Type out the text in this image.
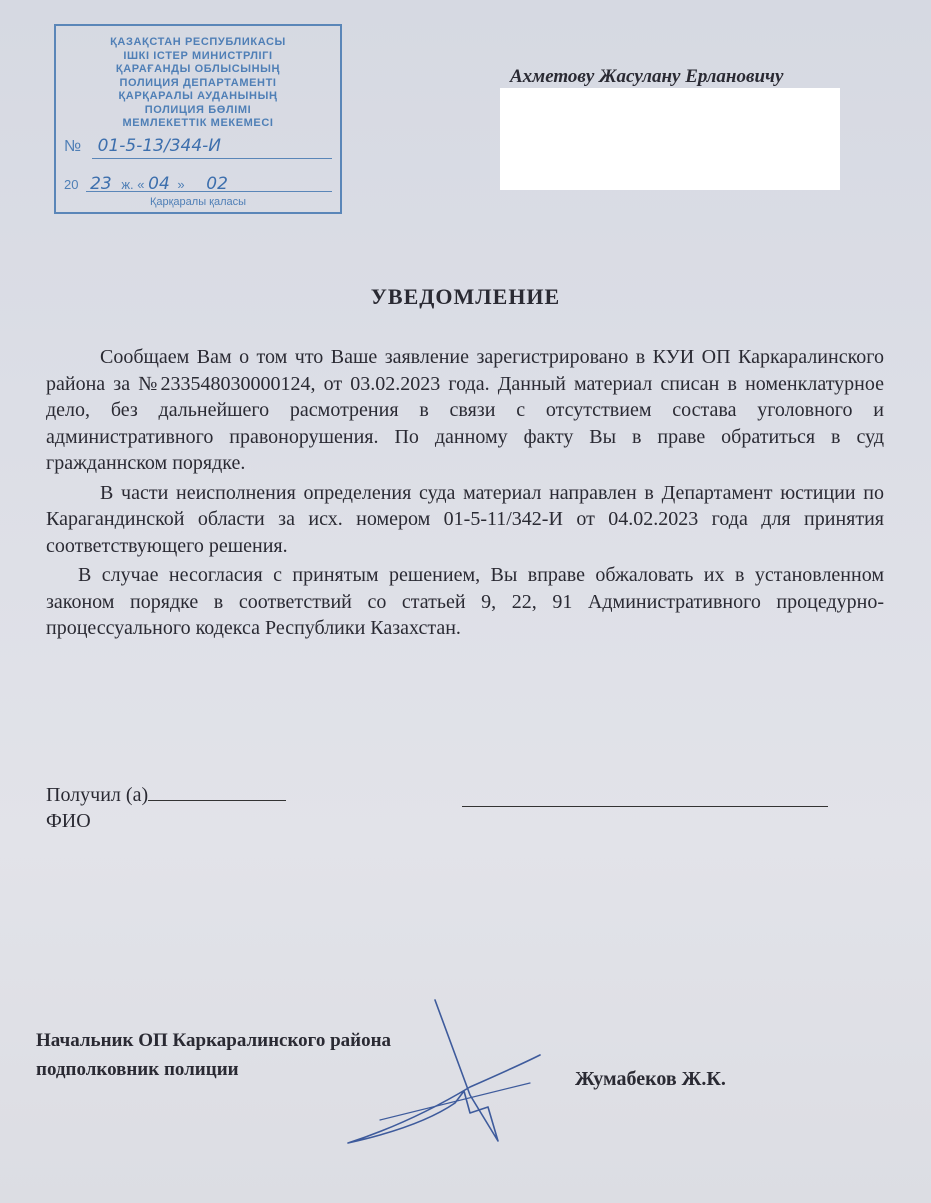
ҚАЗАҚСТАН РЕСПУБЛИКАСЫ
ІШКІ ІСТЕР МИНИСТРЛІГІ
ҚАРАҒАНДЫ ОБЛЫСЫНЫҢ
ПОЛИЦИЯ ДЕПАРТАМЕНТІ
ҚАРҚАРАЛЫ АУДАНЫНЫҢ
ПОЛИЦИЯ БӨЛІМІ
МЕМЛЕКЕТТІК МЕКЕМЕСІ
№ 01-5-13/344-И
20 23 ж. « 04 » 02
Қарқаралы қаласы
Ахметову Жасулану Ерлановичу
УВЕДОМЛЕНИЕ

Сообщаем Вам о том что Ваше заявление зарегистрировано в КУИ ОП Каркаралинского района за №233548030000124, от 03.02.2023 года. Данный материал списан в номенклатурное дело, без дальнейшего расмотрения в связи с отсутствием состава уголовного и административного правонорушения. По данному факту Вы в праве обратиться в суд гражданнском порядке.

В части неисполнения определения суда материал направлен в Департамент юстиции по Карагандинской области за исх. номером 01-5-11/342-И от 04.02.2023 года для принятия соответствующего решения.

В случае несогласия с принятым решением, Вы вправе обжаловать их в установленном законом порядке в соответствий со статьей 9, 22, 91 Административного процедурно-процессуального кодекса Республики Казахстан.

Получил (а)
ФИО
Начальник ОП Каркаралинского района
подполковник полиции	Жумабеков Ж.К.
